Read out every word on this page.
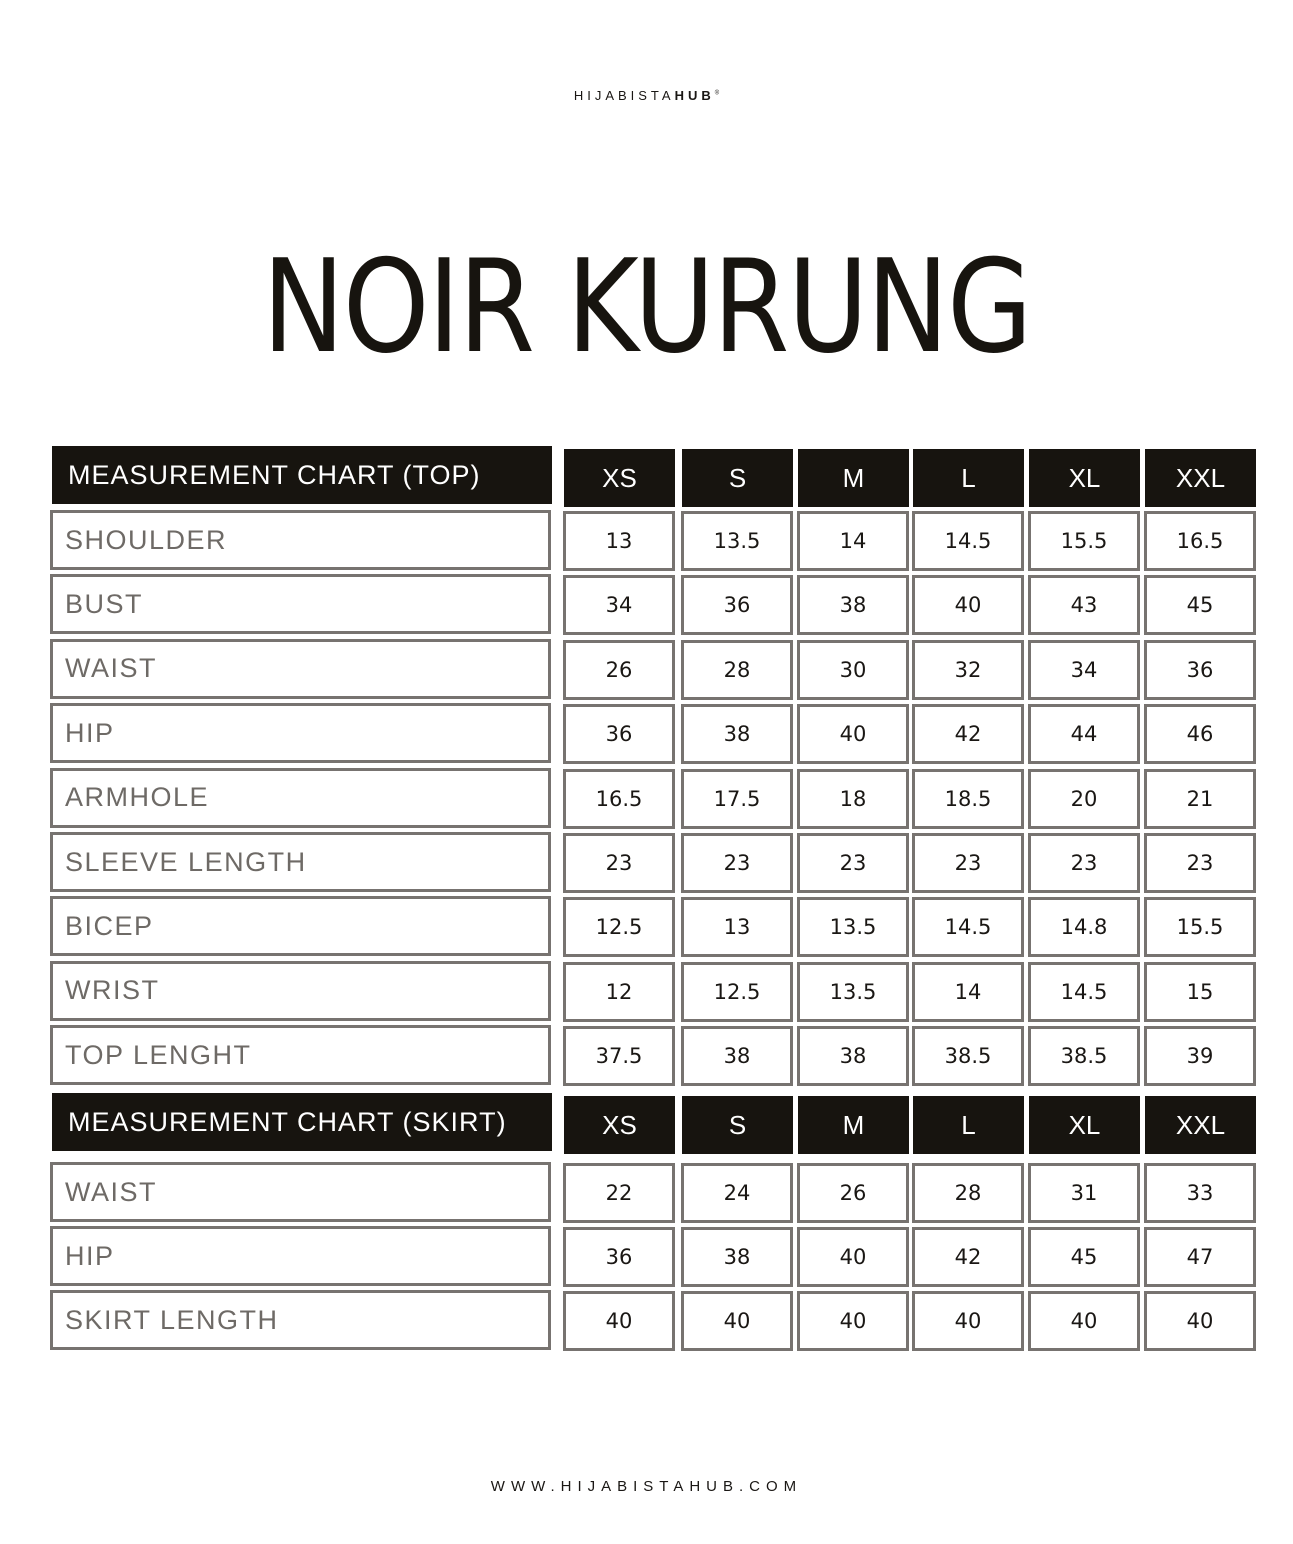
HIJABISTAHUB®
NOIR KURUNG
MEASUREMENT CHART (TOP)	XS	S	M	L	XL	XXL
SHOULDER	13	13.5	14	14.5	15.5	16.5
BUST	34	36	38	40	43	45
WAIST	26	28	30	32	34	36
HIP	36	38	40	42	44	46
ARMHOLE	16.5	17.5	18	18.5	20	21
SLEEVE LENGTH	23	23	23	23	23	23
BICEP	12.5	13	13.5	14.5	14.8	15.5
WRIST	12	12.5	13.5	14	14.5	15
TOP LENGHT	37.5	38	38	38.5	38.5	39
MEASUREMENT CHART (SKIRT)	XS	S	M	L	XL	XXL
WAIST	22	24	26	28	31	33
HIP	36	38	40	42	45	47
SKIRT LENGTH	40	40	40	40	40	40
WWW.HIJABISTAHUB.COM
